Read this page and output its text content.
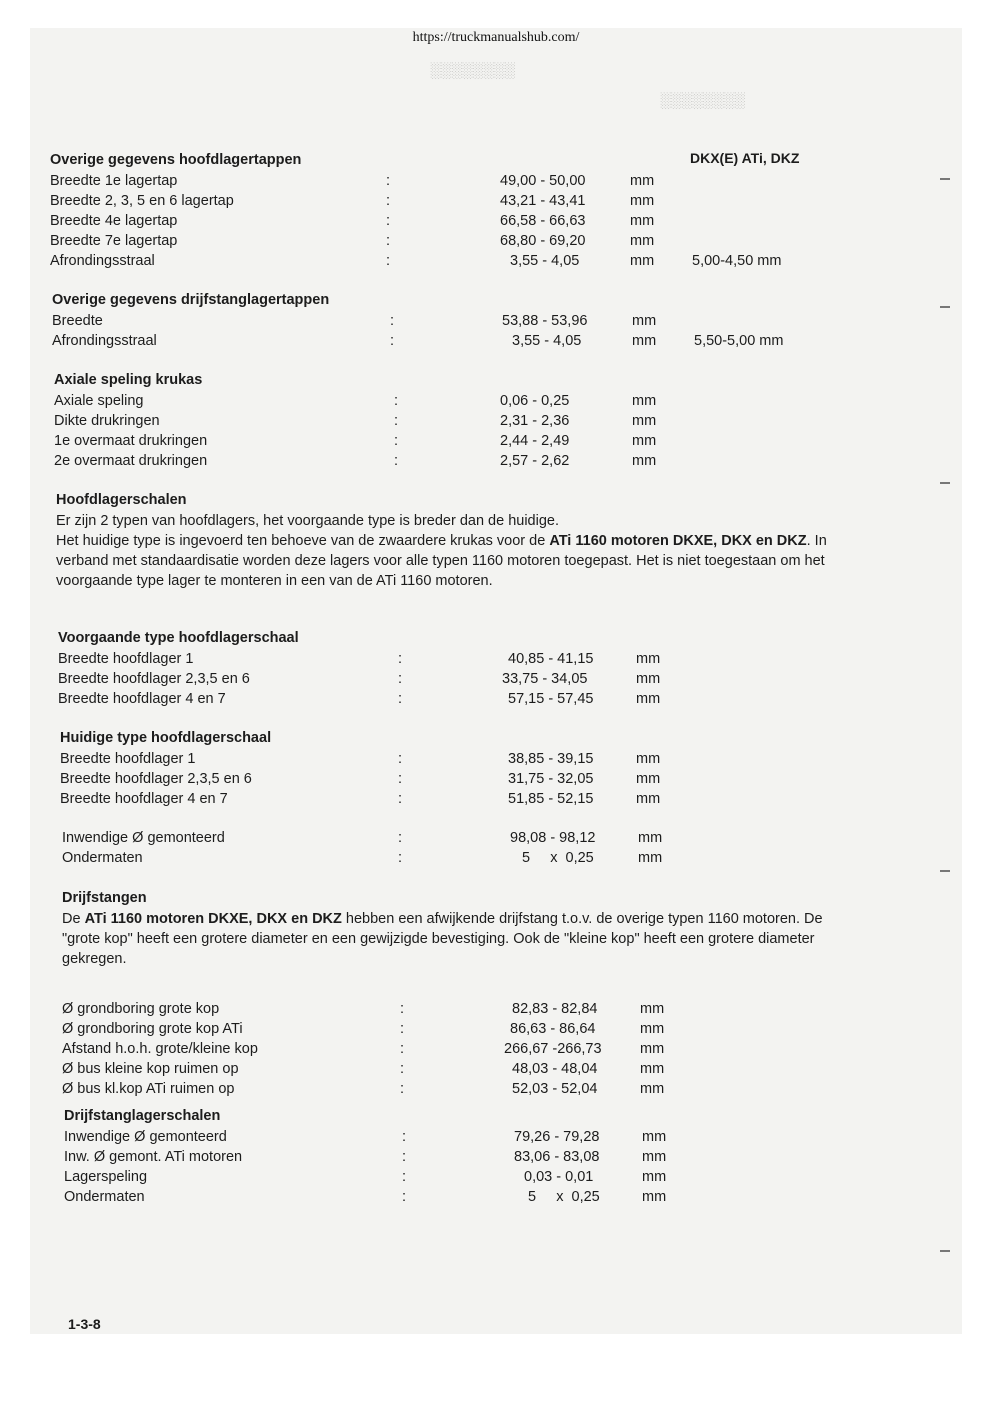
░░░░░░░░
░░░░░░░░
https://truckmanualshub.com/
DKX(E) ATi, DKZ
Overige gegevens hoofdlagertappen
Breedte 1e lagertap	:	49,00 - 50,00	mm
Breedte 2, 3, 5 en 6 lagertap	:	43,21 - 43,41	mm
Breedte 4e lagertap	:	66,58 - 66,63	mm
Breedte 7e lagertap	:	68,80 - 69,20	mm
Afrondingsstraal	:	3,55 - 4,05	mm	5,00-4,50 mm
Overige gegevens drijfstanglagertappen
Breedte	:	53,88 - 53,96	mm
Afrondingsstraal	:	3,55 - 4,05	mm	5,50-5,00 mm
Axiale speling krukas
Axiale speling	:	0,06 - 0,25	mm
Dikte drukringen	:	2,31 - 2,36	mm
1e overmaat drukringen	:	2,44 - 2,49	mm
2e overmaat drukringen	:	2,57 - 2,62	mm
Hoofdlagerschalen
Er zijn 2 typen van hoofdlagers, het voorgaande type is breder dan de huidige.
Het huidige type is ingevoerd ten behoeve van de zwaardere krukas voor de ATi 1160 motoren DKXE, DKX en DKZ. In verband met standaardisatie worden deze lagers voor alle typen 1160 motoren toegepast. Het is niet toegestaan om het voorgaande type lager te monteren in een van de ATi 1160 motoren.
Voorgaande type hoofdlagerschaal
Breedte hoofdlager 1	:	40,85 - 41,15	mm
Breedte hoofdlager 2,3,5 en 6	:	33,75 - 34,05	mm
Breedte hoofdlager 4 en 7	:	57,15 - 57,45	mm
Huidige type hoofdlagerschaal
Breedte hoofdlager 1	:	38,85 - 39,15	mm
Breedte hoofdlager 2,3,5 en 6	:	31,75 - 32,05	mm
Breedte hoofdlager 4 en 7	:	51,85 - 52,15	mm
Inwendige Ø gemonteerd	:	98,08 - 98,12	mm
Ondermaten	:	5     x  0,25	mm
Drijfstangen
De ATi 1160 motoren DKXE, DKX en DKZ hebben een afwijkende drijfstang t.o.v. de overige typen 1160 motoren. De "grote kop" heeft een grotere diameter en een gewijzigde bevestiging. Ook de "kleine kop" heeft een grotere diameter gekregen.
Ø grondboring grote kop	:	82,83 - 82,84	mm
Ø grondboring grote kop ATi	:	86,63 - 86,64	mm
Afstand h.o.h. grote/kleine kop	:	266,67 -266,73	mm
Ø bus kleine kop ruimen op	:	48,03 - 48,04	mm
Ø bus kl.kop ATi ruimen op	:	52,03 - 52,04	mm
Drijfstanglagerschalen
Inwendige Ø gemonteerd	:	79,26 - 79,28	mm
Inw. Ø gemont. ATi motoren	:	83,06 - 83,08	mm
Lagerspeling	:	0,03 - 0,01	mm
Ondermaten	:	5     x  0,25	mm
1-3-8
